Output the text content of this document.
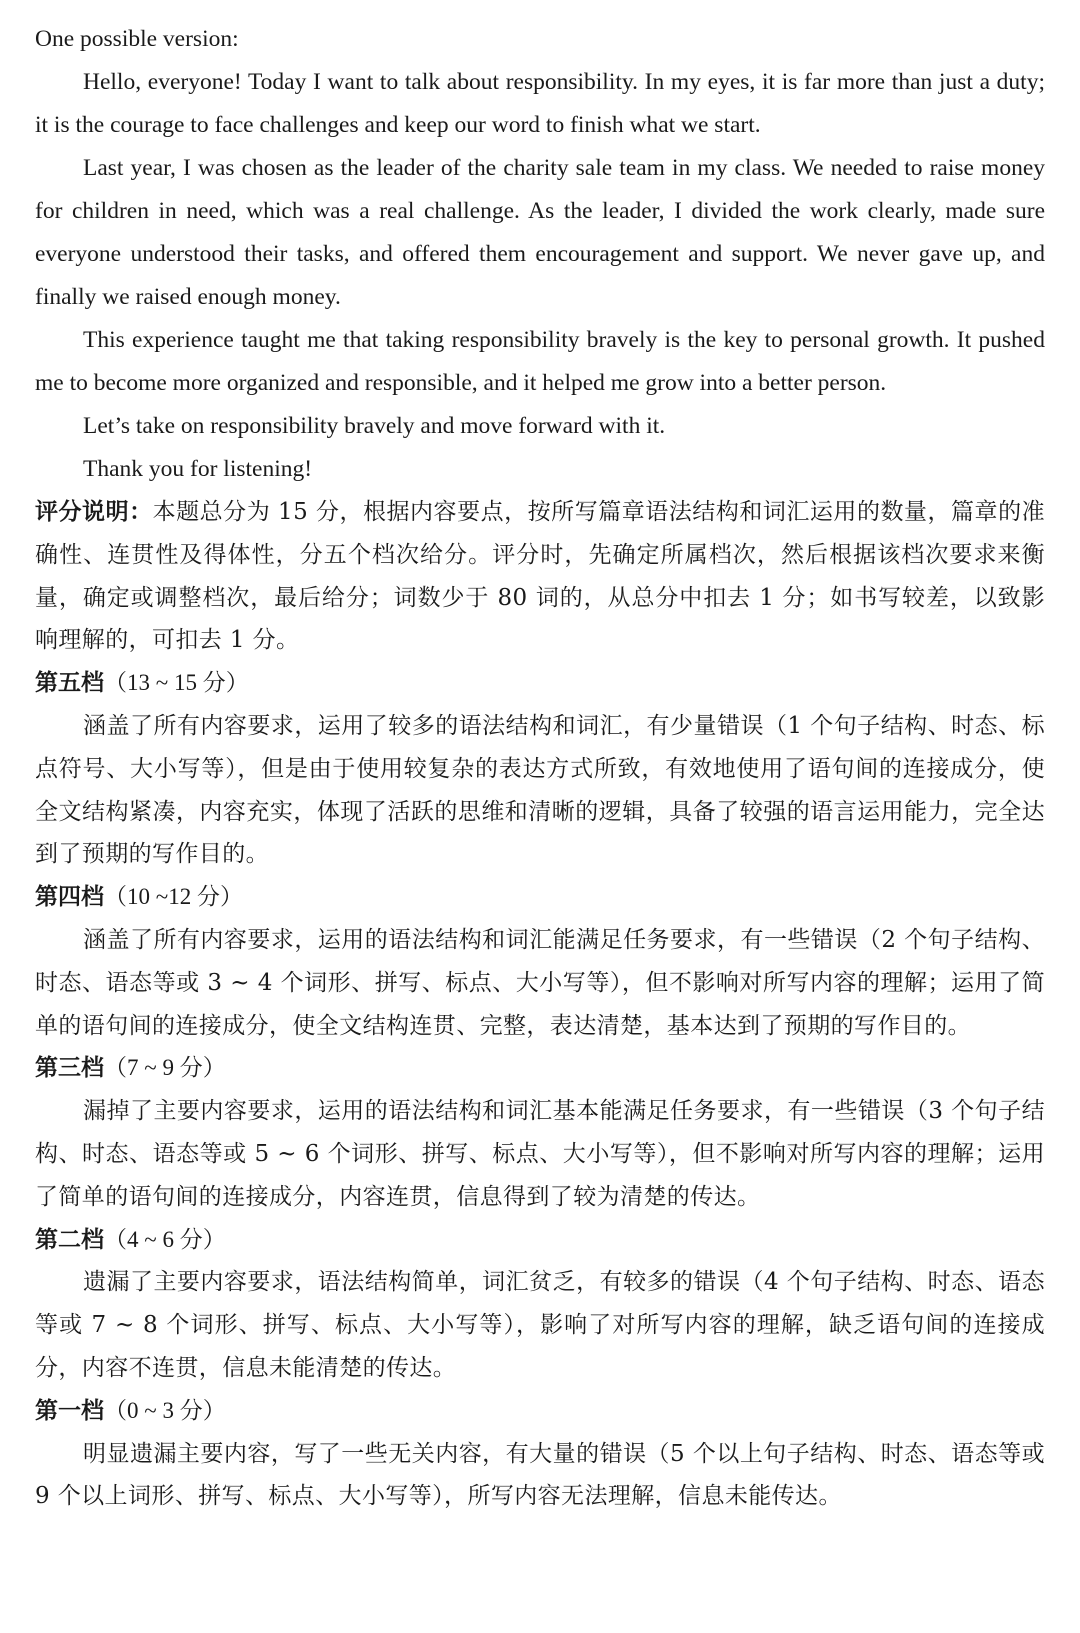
One possible version:

Hello, everyone! Today I want to talk about responsibility. In my eyes, it is far more than just a duty; it is the courage to face challenges and keep our word to finish what we start.

Last year, I was chosen as the leader of the charity sale team in my class. We needed to raise money for children in need, which was a real challenge. As the leader, I divided the work clearly, made sure everyone understood their tasks, and offered them encouragement and support. We never gave up, and finally we raised enough money.

This experience taught me that taking responsibility bravely is the key to personal growth. It pushed me to become more organized and responsible, and it helped me grow into a better person.

Let’s take on responsibility bravely and move forward with it.

Thank you for listening!

评分说明：本题总分为 15 分，根据内容要点，按所写篇章语法结构和词汇运用的数量，篇章的准确性、连贯性及得体性，分五个档次给分。评分时，先确定所属档次，然后根据该档次要求来衡量，确定或调整档次，最后给分；词数少于 80 词的，从总分中扣去 1 分；如书写较差，以致影响理解的，可扣去 1 分。

第五档（13 ~ 15 分）

涵盖了所有内容要求，运用了较多的语法结构和词汇，有少量错误（1 个句子结构、时态、标点符号、大小写等），但是由于使用较复杂的表达方式所致，有效地使用了语句间的连接成分，使全文结构紧凑，内容充实，体现了活跃的思维和清晰的逻辑，具备了较强的语言运用能力，完全达到了预期的写作目的。

第四档（10 ~12 分）

涵盖了所有内容要求，运用的语法结构和词汇能满足任务要求，有一些错误（2 个句子结构、时态、语态等或 3 ~ 4 个词形、拼写、标点、大小写等），但不影响对所写内容的理解；运用了简单的语句间的连接成分，使全文结构连贯、完整，表达清楚，基本达到了预期的写作目的。

第三档（7 ~ 9 分）

漏掉了主要内容要求，运用的语法结构和词汇基本能满足任务要求，有一些错误（3 个句子结构、时态、语态等或 5 ~ 6 个词形、拼写、标点、大小写等），但不影响对所写内容的理解；运用了简单的语句间的连接成分，内容连贯，信息得到了较为清楚的传达。

第二档（4 ~ 6 分）

遗漏了主要内容要求，语法结构简单，词汇贫乏，有较多的错误（4 个句子结构、时态、语态等或 7 ~ 8 个词形、拼写、标点、大小写等），影响了对所写内容的理解，缺乏语句间的连接成分，内容不连贯，信息未能清楚的传达。

第一档（0 ~ 3 分）

明显遗漏主要内容，写了一些无关内容，有大量的错误（5 个以上句子结构、时态、语态等或 9 个以上词形、拼写、标点、大小写等），所写内容无法理解，信息未能传达。
